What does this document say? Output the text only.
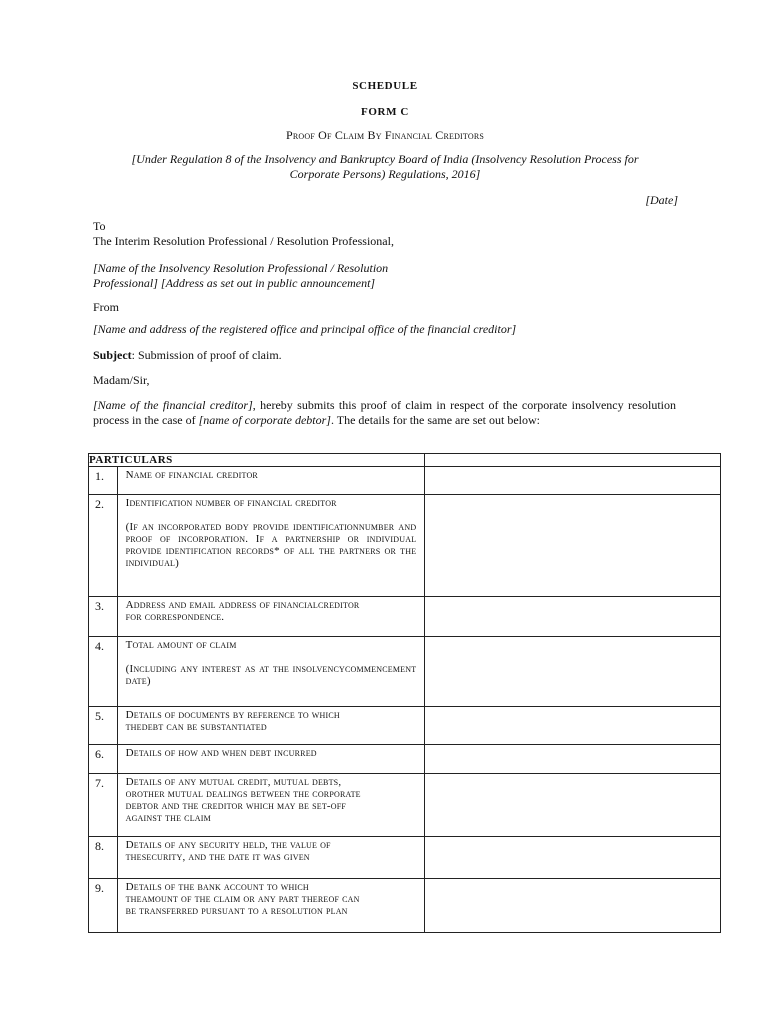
SCHEDULE
FORM C
Proof Of Claim By Financial Creditors
[Under Regulation 8 of the Insolvency and Bankruptcy Board of India (Insolvency Resolution Process for
Corporate Persons) Regulations, 2016]
[Date]
To
The Interim Resolution Professional / Resolution Professional,
[Name of the Insolvency Resolution Professional / Resolution
Professional] [Address as set out in public announcement]
From
[Name and address of the registered office and principal office of the financial creditor]
Subject: Submission of proof of claim.
Madam/Sir,
[Name of the financial creditor], hereby submits this proof of claim in respect of the corporate insolvency resolution process in the case of [name of corporate debtor]. The details for the same are set out below:
PARTICULARS		
1.	Name of financial creditor	

2.	Identification number of financial creditor
(If an incorporated body provide identificationnumber and proof of incorporation. If a partnership or individual provide identification records* of all the partners or the individual)	

3.	Address and email address of financialcreditor
for correspondence.	

4.	Total amount of claim
(Including any interest as at the insolvencycommencement date)	

5.	Details of documents by reference to which
thedebt can be substantiated	

6.	Details of how and when debt incurred	

7.	Details of any mutual credit, mutual debts,
orother mutual dealings between the corporate
debtor and the creditor which may be set-off
against the claim	

8.	Details of any security held, the value of
thesecurity, and the date it was given	

9.	Details of the bank account to which
theamount of the claim or any part thereof can
be transferred pursuant to a resolution plan	
